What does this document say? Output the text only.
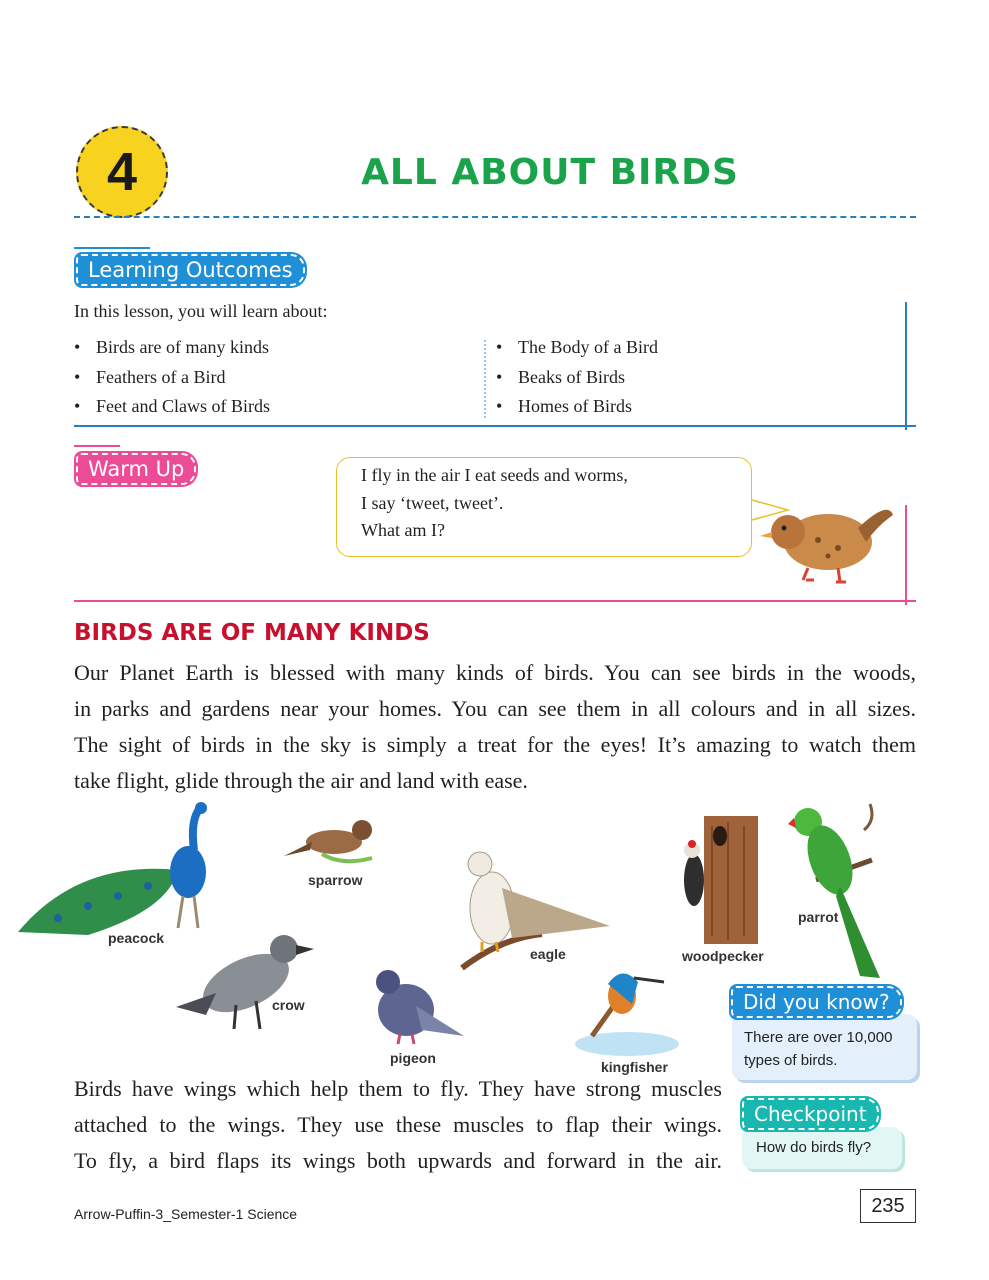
4	ALL ABOUT BIRDS
Learning Outcomes
In this lesson, you will learn about:
• Birds are of many kinds
• Feathers of a Bird
• Feet and Claws of Birds
• The Body of a Bird
• Beaks of Birds
• Homes of Birds
Warm Up	I fly in the air I eat seeds and worms,
I say ‘tweet, tweet’.
What am I?
BIRDS ARE OF MANY KINDS
Our Planet Earth is blessed with many kinds of birds. You can see birds in the woods,
in parks and gardens near your homes. You can see them in all colours and in all sizes.
The sight of birds in the sky is simply a treat for the eyes! It’s amazing to watch them
take flight, glide through the air and land with ease.
peacock
sparrow
crow
pigeon
eagle
kingfisher
woodpecker
parrot
Birds have wings which help them to fly. They have strong muscles
attached to the wings. They use these muscles to flap their wings.
To fly, a bird flaps its wings both upwards and forward in the air.
There are over 10,000
types of birds.
Did you know?
How do birds fly?
Checkpoint
Arrow-Puffin-3_Semester-1 Science	235
